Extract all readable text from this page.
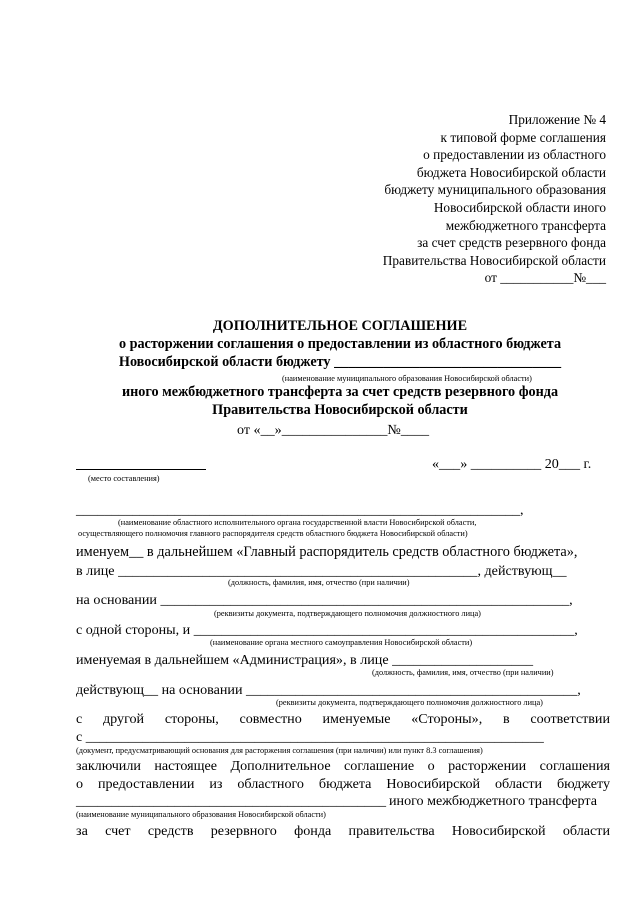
Приложение № 4
к типовой форме соглашения
о предоставлении из областного
бюджета Новосибирской области
бюджету муниципального образования
Новосибирской области иного
межбюджетного трансферта
за счет средств резервного фонда
Правительства Новосибирской области
от ___________№___
ДОПОЛНИТЕЛЬНОЕ СОГЛАШЕНИЕ
о расторжении соглашения о предоставлении из областного бюджета
Новосибирской области бюджету ________________________________
(наименование муниципального образования Новосибирской области)
иного межбюджетного трансферта за счет средств резервного фонда
Правительства Новосибирской области
от «__»_______________№____
(место составления)
«___» __________ 20___ г.
_______________________________________________________________,
(наименование областного исполнительного органа государственной власти Новосибирской области,
осуществляющего полномочия главного распорядителя средств областного бюджета Новосибирской области)
именуем__ в дальнейшем «Главный распорядитель средств областного бюджета»,
в лице ___________________________________________________, действующ__
(должность, фамилия, имя, отчество (при наличии)
на основании __________________________________________________________,
(реквизиты документа, подтверждающего полномочия должностного лица)
с одной стороны, и ______________________________________________________,
(наименование органа местного самоуправления Новосибирской области)
именуемая в дальнейшем «Администрация», в лице ____________________
(должность, фамилия, имя, отчество (при наличии)
действующ__ на основании _______________________________________________,
(реквизиты документа, подтверждающего полномочия должностного лица)
с другой стороны, совместно именуемые «Стороны», в соответствии
с _________________________________________________________________
(документ, предусматривающий основания для расторжения соглашения (при наличии) или пункт 8.3 соглашения)
заключили настоящее Дополнительное соглашение о расторжении соглашения
о предоставлении из областного бюджета Новосибирской области бюджету
____________________________________________ иного межбюджетного трансферта
(наименование муниципального образования Новосибирской области)
за счет средств резервного фонда правительства Новосибирской области
